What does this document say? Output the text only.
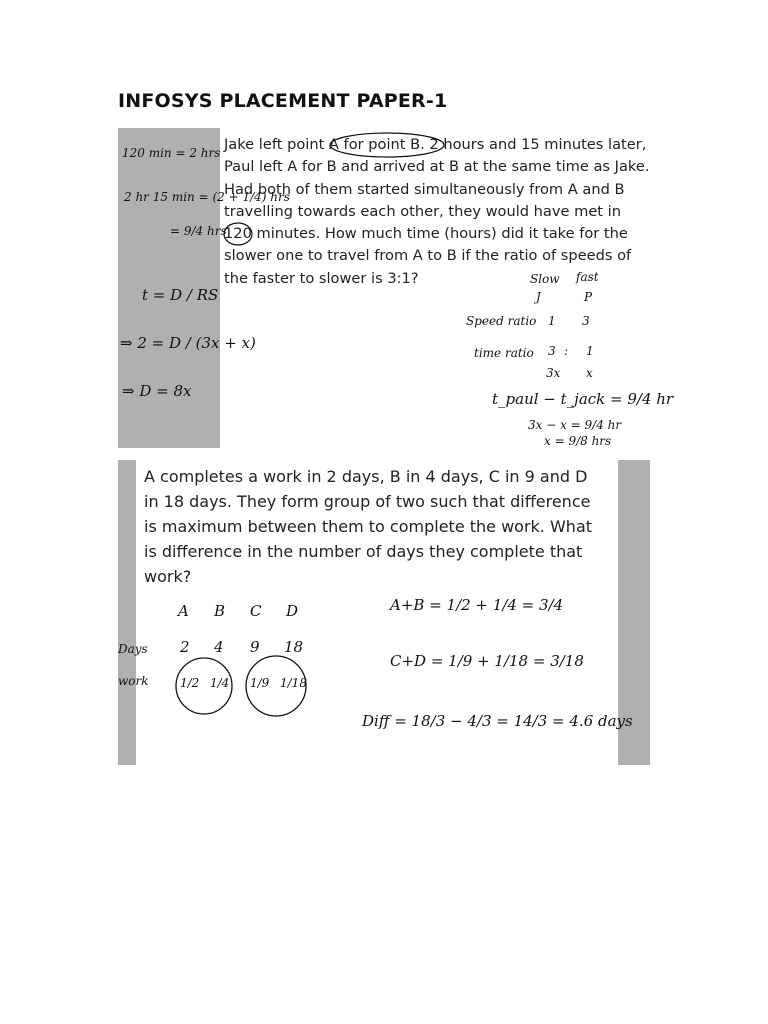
INFOSYS PLACEMENT PAPER-1
Jake left point A for point B. 2 hours and 15 minutes later,
Paul left A for B and arrived at B at the same time as Jake.
Had both of them started simultaneously from A and B
travelling towards each other, they would have met in
120 minutes. How much time (hours) did it take for the
slower one to travel from A to B if the ratio of speeds of
the faster to slower is 3:1?
120 min = 2 hrs
2 hr 15 min = (2 + 1/4) hrs
= 9/4 hrs
t = D / RS
⇒ 2 = D / (3x + x)
⇒ D = 8x
Slow fast
J	P
Speed ratio 1 3
time ratio 3 : 1
3x x
t_paul − t_jack = 9/4 hr
3x − x = 9/4 hr
x = 9/8 hrs
A completes a work in 2 days, B in 4 days, C in 9 and D
in 18 days. They form group of two such that difference
is maximum between them to complete the work. What
is difference in the number of days they complete that
work?
A B C D
Days 2 4 9 18
work	1/2 1/4 1/9 1/18
A+B = 1/2 + 1/4 = 3/4
C+D = 1/9 + 1/18 = 3/18
Diff = 18/3 − 4/3 = 14/3 = 4.6 days
